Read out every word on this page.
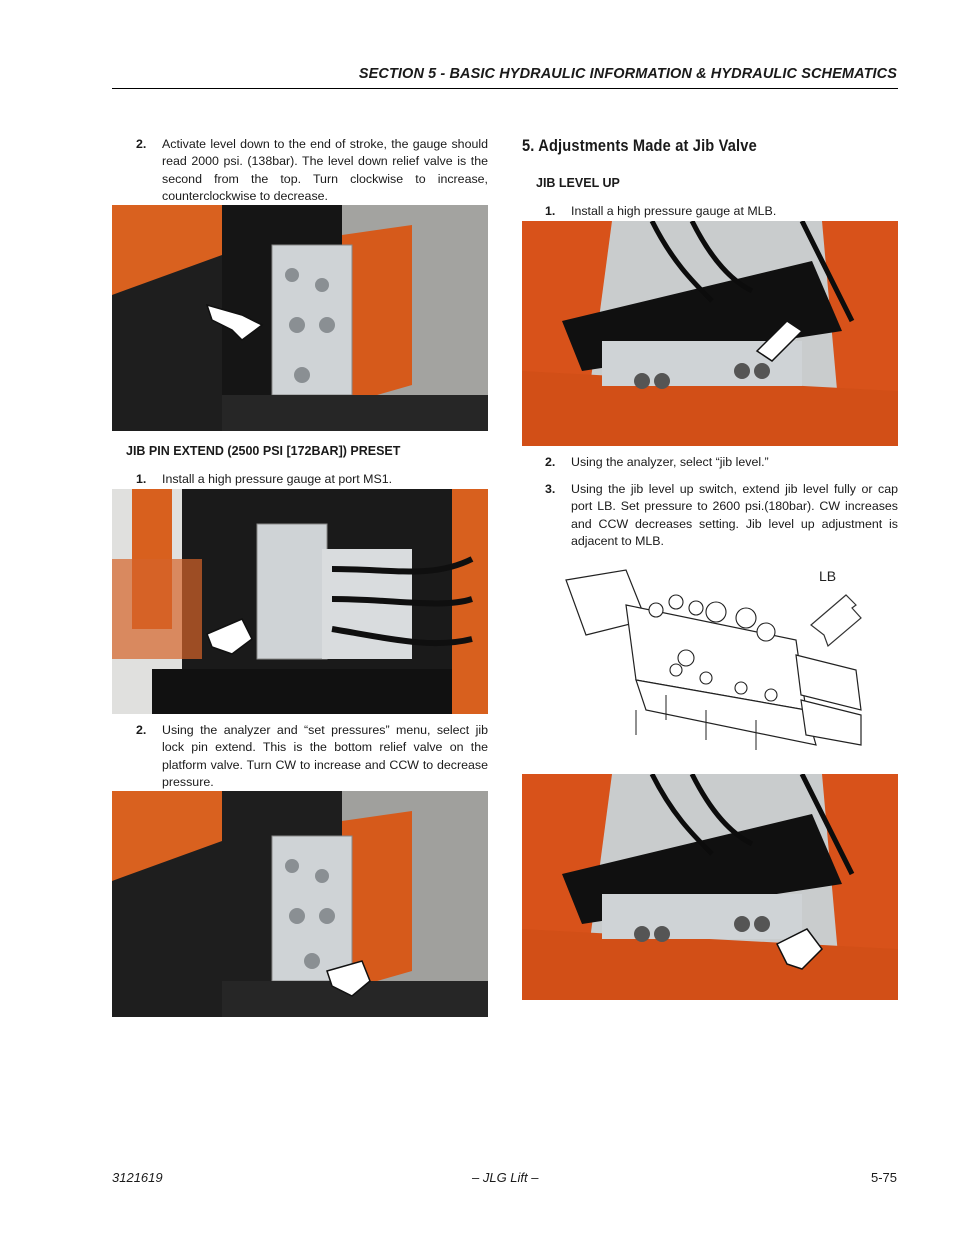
SECTION 5 - BASIC HYDRAULIC INFORMATION & HYDRAULIC SCHEMATICS
2. Activate level down to the end of stroke, the gauge should read 2000 psi. (138bar). The level down relief valve is the second from the top. Turn clockwise to increase, counterclockwise to decrease.
JIB PIN EXTEND (2500 PSI [172BAR]) PRESET
1. Install a high pressure gauge at port MS1.
2. Using the analyzer and “set pressures” menu, select jib lock pin extend. This is the bottom relief valve on the platform valve. Turn CW to increase and CCW to decrease pressure.
5. Adjustments Made at Jib Valve
JIB LEVEL UP
1. Install a high pressure gauge at MLB.
2. Using the analyzer, select “jib level.”
3. Using the jib level up switch, extend jib level fully or cap port LB. Set pressure to 2600 psi.(180bar). CW increases and CCW decreases setting. Jib level up adjustment is adjacent to MLB.
LB
3121619	– JLG Lift –	5-75
